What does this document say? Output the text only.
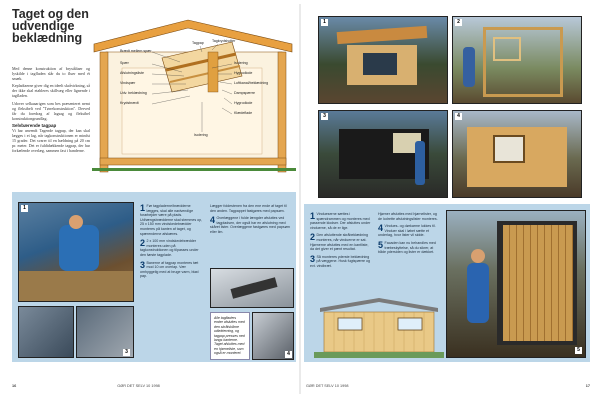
Taget og den udvendige beklædning

Med denne konstruktion af bryståltaer og lyskilde i tagfladen slår du to fluer med ét smæk.

Kepladtaerne giver dig en ideelt skråvirkning, så der ikke skal etableres skillvæg eller lignende i tagfladen.

Udover selkaaarigen som bes præsenteret nemt og fleksibelt ved "Tørrekonstruktion". Derved får du foredrag af lagsag og fleksibel konstruktiongrundlag.

Selvbærende tagpap

Vi har anvendt Tagende tagpap, der kan skal lægges i et lag, når tagkonstruktionen er mindst 15 grader. Det svarer til en hældning på 20 cm pr. meter. Det er fuldtdækkende tagpap, der har forkælende overlæg, sammen fast i banderne.

Tagpap Tagkrydsholter
Brædt mellem spær
Spær
Afslutningsliste
Vindspær
Udv. beklædning
Krydsbrædt
Isolering
Hygrodiode
Luftkanal/beklædning
Dampspærre
Hygrodiode
Klædeflade
Isolering
1
3
1 Før tagpladerne/brædderne lægges, skal alle nødvendige forarbejder være på plads. Udhængsbrædderne skal stemmes op, 25 x 150 mm vindskedebrædder monteres på kanten af taget, og spærenderne afskæres.
2 2 x 100 mm vindskedebrædder monteres uden på tagkonstruktionen og tilpasses under den første tagplade.
3 Banerne af tagpap monteres tæt mod 10 cm overlap. Vær omhyggelig med at bruge varm, blød pap.
Lægger foldestenen fra den ene ende af taget til den anden. Tagpappet fastgøres med papsøm.
4 Overlæggene i fulde længder afsluttes ved tagpladsen, der også har en afslutning med skåret lister. Overlæggene fastgøres med papsøm eller lim.
Alle tagfladers ender afsluttes med den skråtskårne udlekterning, og tagpap presses ned langs kanterne. Taget afsluttes med en hjørneliste, som også er monteret.	4
16	GØR DET SELV 10 1998
1	2
3	4
1 Vindueserne sættes i spændrammen og monteres med passende klodser. Der afsluttes under vinduerne, så de er lige.
2 Den afsluttende skråbeklædning monteres, når vinduerne er sat. Hjørnerne afsluttes med en kantliste, da det giver et pænt resultat.
3 Så monteres yderste beklædning på væggene. Husk fugtspærre og evt. vindbræt.
Hjørner afsluttes med hjørnelister, og de lodrette afslutningslister monteres.
4 Vindues- og dørkarme lukkes til. Vinduer skal i løbet sætte et underlag, hvor lister vil sidde.
5 Facaden kan nu behandles med træbeskyttelse, så du sikrer, at både ydersiden og lister er dækket.
5
GØR DET SELV 10 1998	17
